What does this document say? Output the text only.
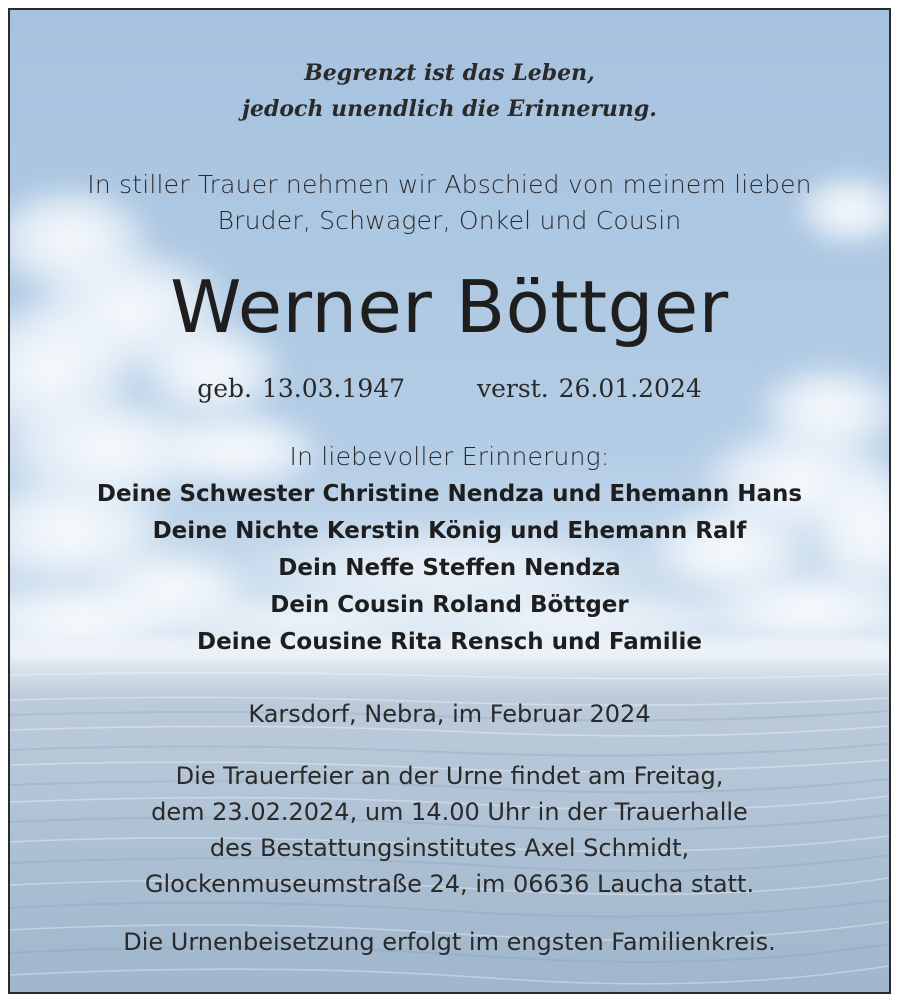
Begrenzt ist das Leben,
jedoch unendlich die Erinnerung.
In stiller Trauer nehmen wir Abschied von meinem lieben
Bruder, Schwager, Onkel und Cousin
Werner Böttger
geb. 13.03.1947	verst. 26.01.2024
In liebevoller Erinnerung:
Deine Schwester Christine Nendza und Ehemann Hans
Deine Nichte Kerstin König und Ehemann Ralf
Dein Neffe Steffen Nendza
Dein Cousin Roland Böttger
Deine Cousine Rita Rensch und Familie
Karsdorf, Nebra, im Februar 2024
Die Trauerfeier an der Urne findet am Freitag,
dem 23.02.2024, um 14.00 Uhr in der Trauerhalle
des Bestattungsinstitutes Axel Schmidt,
Glockenmuseumstraße 24, im 06636 Laucha statt.
Die Urnenbeisetzung erfolgt im engsten Familienkreis.
